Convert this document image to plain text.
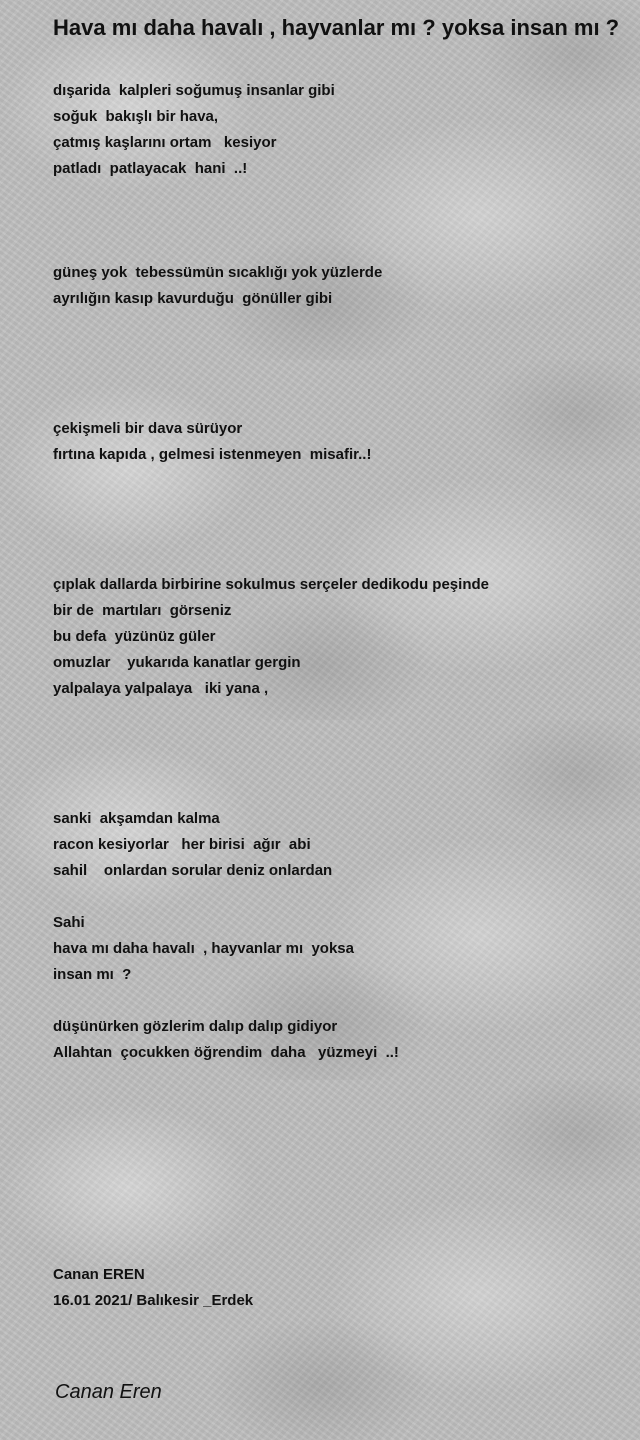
Hava mı daha havalı , hayvanlar mı ? yoksa insan mı ?
dışarida  kalpleri soğumuş insanlar gibi
soğuk  bakışlı bir hava,
çatmış kaşlarını ortam   kesiyor
patladı  patlayacak  hani  ..!
güneş yok  tebessümün sıcaklığı yok yüzlerde
ayrılığın kasıp kavurduğu  gönüller gibi
çekişmeli bir dava sürüyor
fırtına kapıda , gelmesi istenmeyen  misafir..!
çıplak dallarda birbirine sokulmus serçeler dedikodu peşinde
bir de  martıları  görseniz
bu defa  yüzünüz güler
omuzlar    yukarıda kanatlar gergin
yalpalaya yalpalaya   iki yana ,
sanki  akşamdan kalma
racon kesiyorlar   her birisi  ağır  abi
sahil    onlardan sorular deniz onlardan
Sahi
hava mı daha havalı  , hayvanlar mı  yoksa
insan mı  ?
düşünürken gözlerim dalıp dalıp gidiyor
Allahtan  çocukken öğrendim  daha   yüzmeyi  ..!
Canan EREN
16.01 2021/ Balıkesir _Erdek
Canan Eren
